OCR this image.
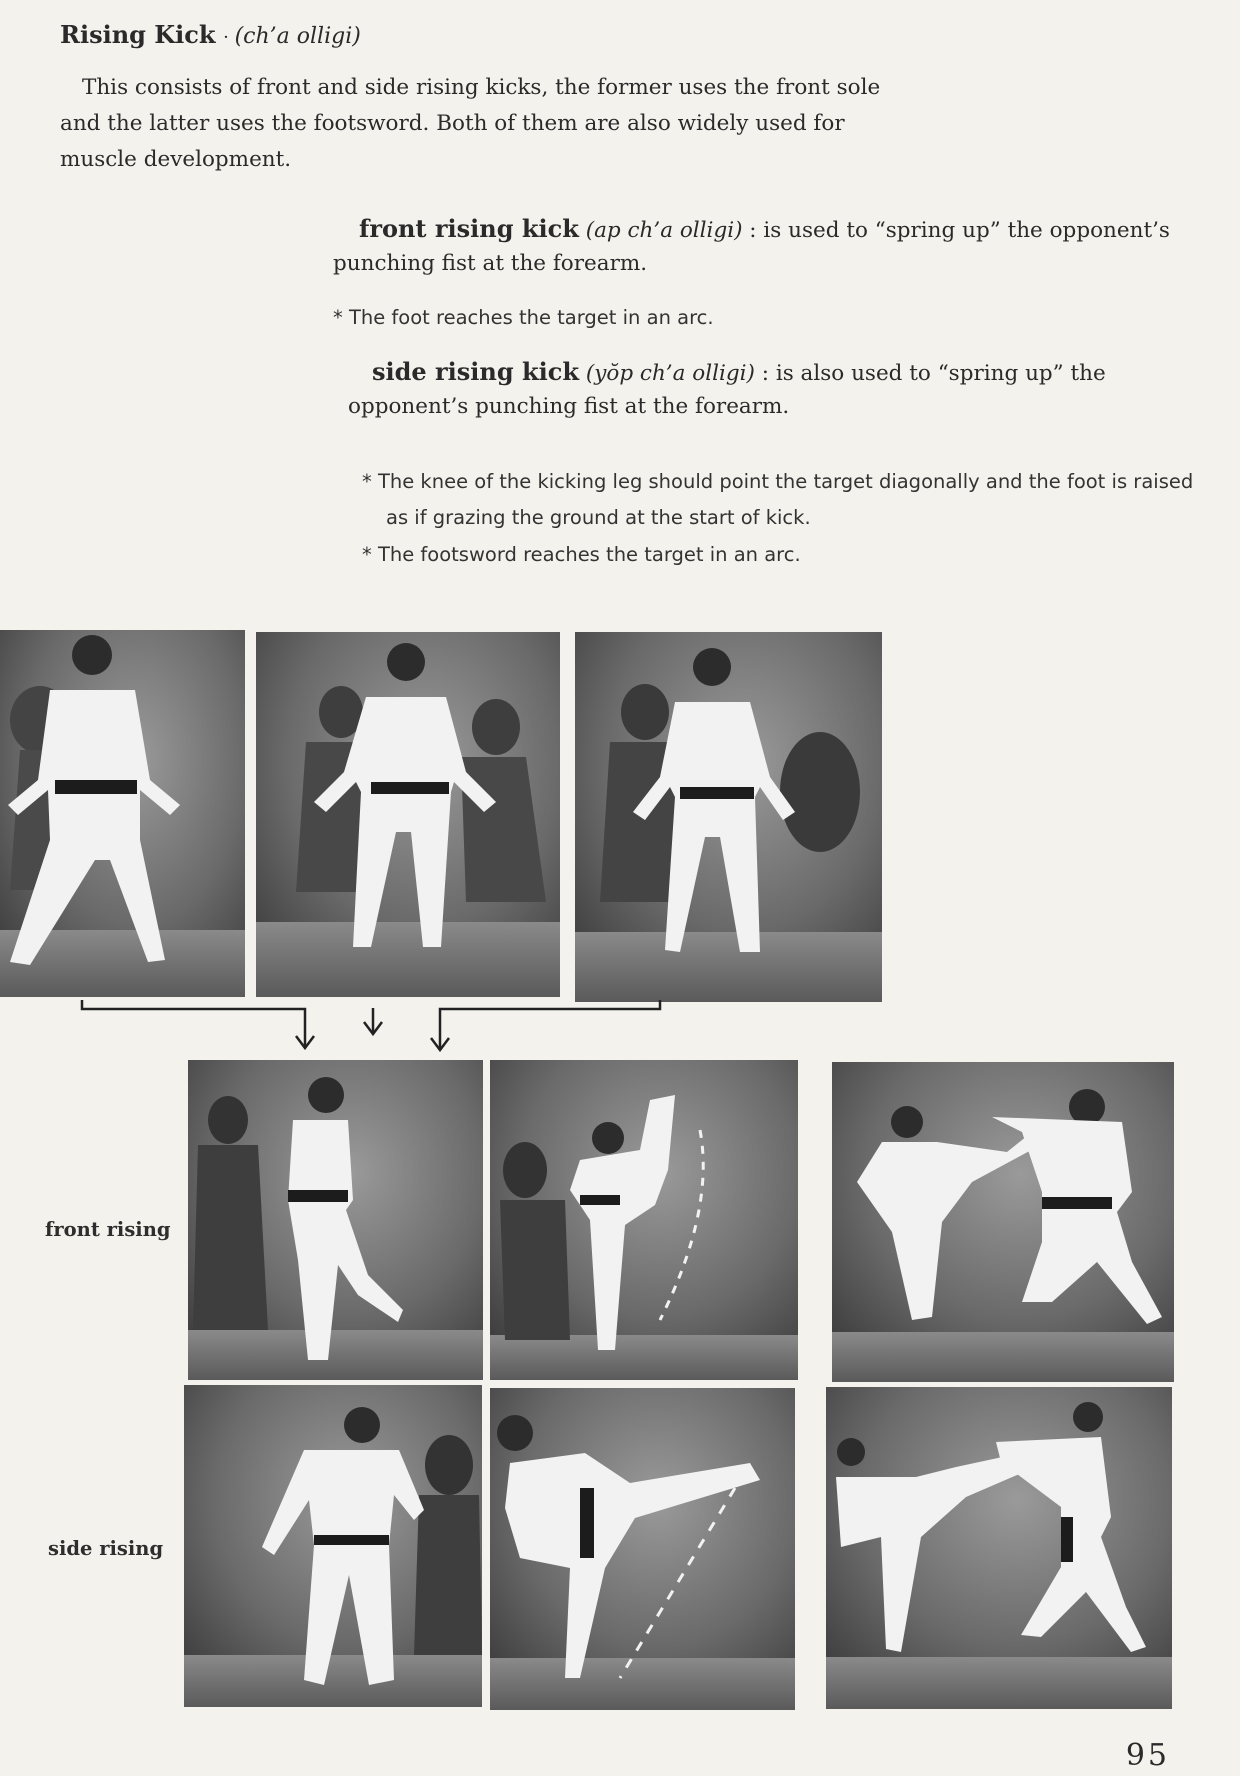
Rising Kick · (ch’a olligi)
This consists of front and side rising kicks, the former uses the front sole and the latter uses the footsword. Both of them are also widely used for muscle development.
front rising kick (ap ch’a olligi) : is used to “spring up” the opponent’s punching fist at the forearm.
* The foot reaches the target in an arc.
side rising kick (yŏp ch’a olligi) : is also used to “spring up” the opponent’s punching fist at the forearm.
* The knee of the kicking leg should point the target diagonally and the foot is raised as if grazing the ground at the start of kick.
* The footsword reaches the target in an arc.
front rising
side rising
95
